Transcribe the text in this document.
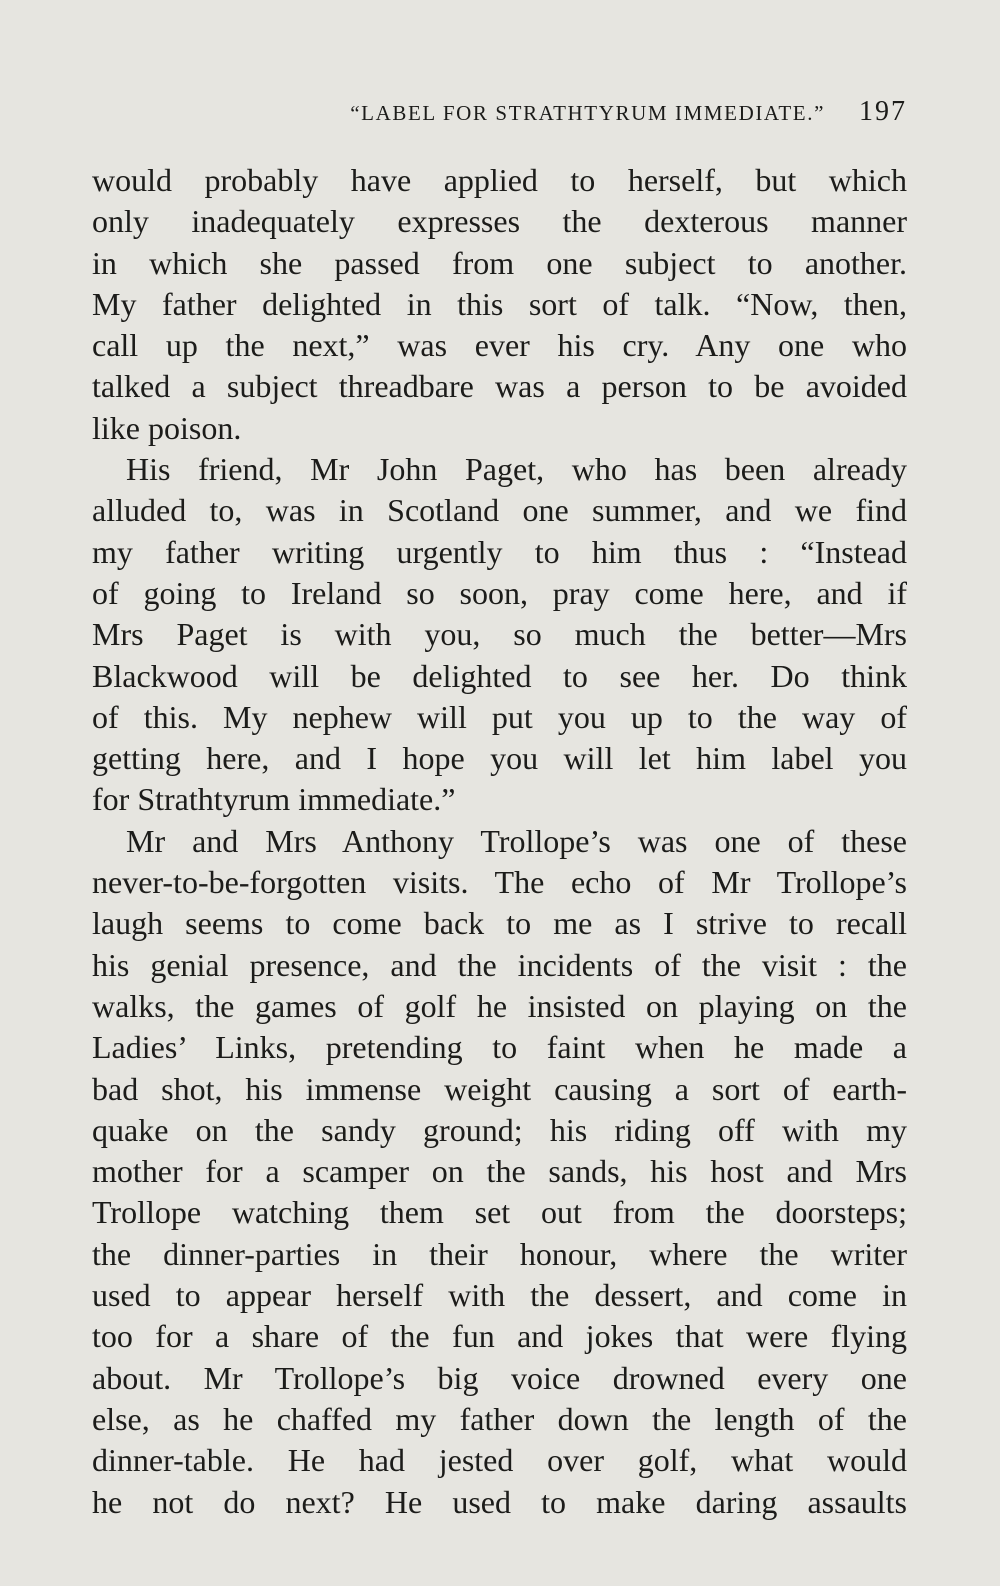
“LABEL FOR STRATHTYRUM IMMEDIATE.” 197
would probably have applied to herself, but which
only inadequately expresses the dexterous manner
in which she passed from one subject to another.
My father delighted in this sort of talk. “Now, then,
call up the next,” was ever his cry. Any one who
talked a subject threadbare was a person to be avoided
like poison.
His friend, Mr John Paget, who has been already
alluded to, was in Scotland one summer, and we find
my father writing urgently to him thus : “Instead
of going to Ireland so soon, pray come here, and if
Mrs Paget is with you, so much the better—Mrs
Blackwood will be delighted to see her. Do think
of this. My nephew will put you up to the way of
getting here, and I hope you will let him label you
for Strathtyrum immediate.”
Mr and Mrs Anthony Trollope’s was one of these
never-to-be-forgotten visits. The echo of Mr Trollope’s
laugh seems to come back to me as I strive to recall
his genial presence, and the incidents of the visit : the
walks, the games of golf he insisted on playing on the
Ladies’ Links, pretending to faint when he made a
bad shot, his immense weight causing a sort of earth-
quake on the sandy ground; his riding off with my
mother for a scamper on the sands, his host and Mrs
Trollope watching them set out from the doorsteps;
the dinner-parties in their honour, where the writer
used to appear herself with the dessert, and come in
too for a share of the fun and jokes that were flying
about. Mr Trollope’s big voice drowned every one
else, as he chaffed my father down the length of the
dinner-table. He had jested over golf, what would
he not do next? He used to make daring assaults
